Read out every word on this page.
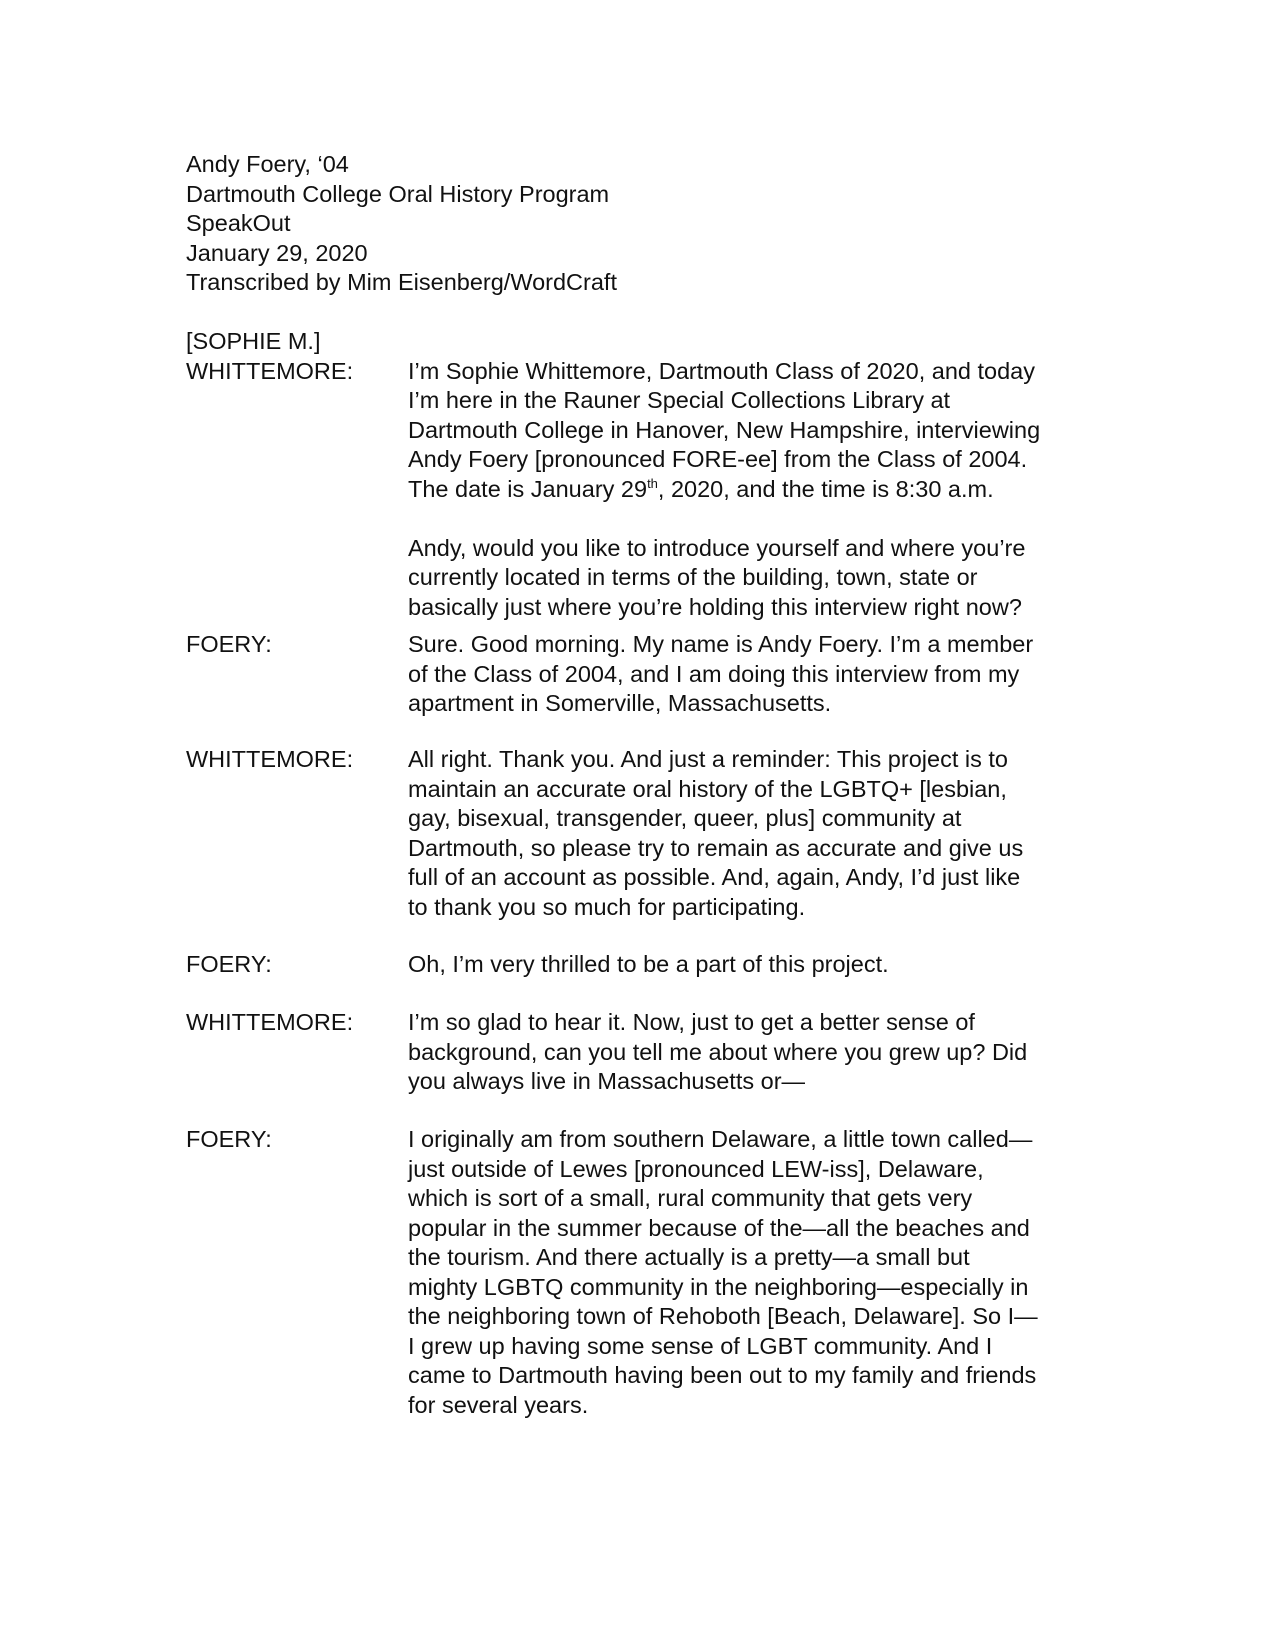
Andy Foery, ‘04
Dartmouth College Oral History Program
SpeakOut
January 29, 2020
Transcribed by Mim Eisenberg/WordCraft
[SOPHIE M.]
WHITTEMORE: I’m Sophie Whittemore, Dartmouth Class of 2020, and today

I’m here in the Rauner Special Collections Library at

Dartmouth College in Hanover, New Hampshire, interviewing

Andy Foery [pronounced FORE-ee] from the Class of 2004.

The date is January 29th, 2020, and the time is 8:30 a.m.

Andy, would you like to introduce yourself and where you’re

currently located in terms of the building, town, state or

basically just where you’re holding this interview right now?

FOERY:	Sure. Good morning. My name is Andy Foery. I’m a member

of the Class of 2004, and I am doing this interview from my

apartment in Somerville, Massachusetts.

WHITTEMORE: All right. Thank you. And just a reminder: This project is to

maintain an accurate oral history of the LGBTQ+ [lesbian,

gay, bisexual, transgender, queer, plus] community at

Dartmouth, so please try to remain as accurate and give us

full of an account as possible. And, again, Andy, I’d just like

to thank you so much for participating.

FOERY:	Oh, I’m very thrilled to be a part of this project.

WHITTEMORE: I’m so glad to hear it. Now, just to get a better sense of

background, can you tell me about where you grew up? Did

you always live in Massachusetts or—

FOERY:	I originally am from southern Delaware, a little town called—

just outside of Lewes [pronounced LEW-iss], Delaware,

which is sort of a small, rural community that gets very

popular in the summer because of the—all the beaches and

the tourism. And there actually is a pretty—a small but

mighty LGBTQ community in the neighboring—especially in

the neighboring town of Rehoboth [Beach, Delaware]. So I—

I grew up having some sense of LGBT community. And I

came to Dartmouth having been out to my family and friends

for several years.
